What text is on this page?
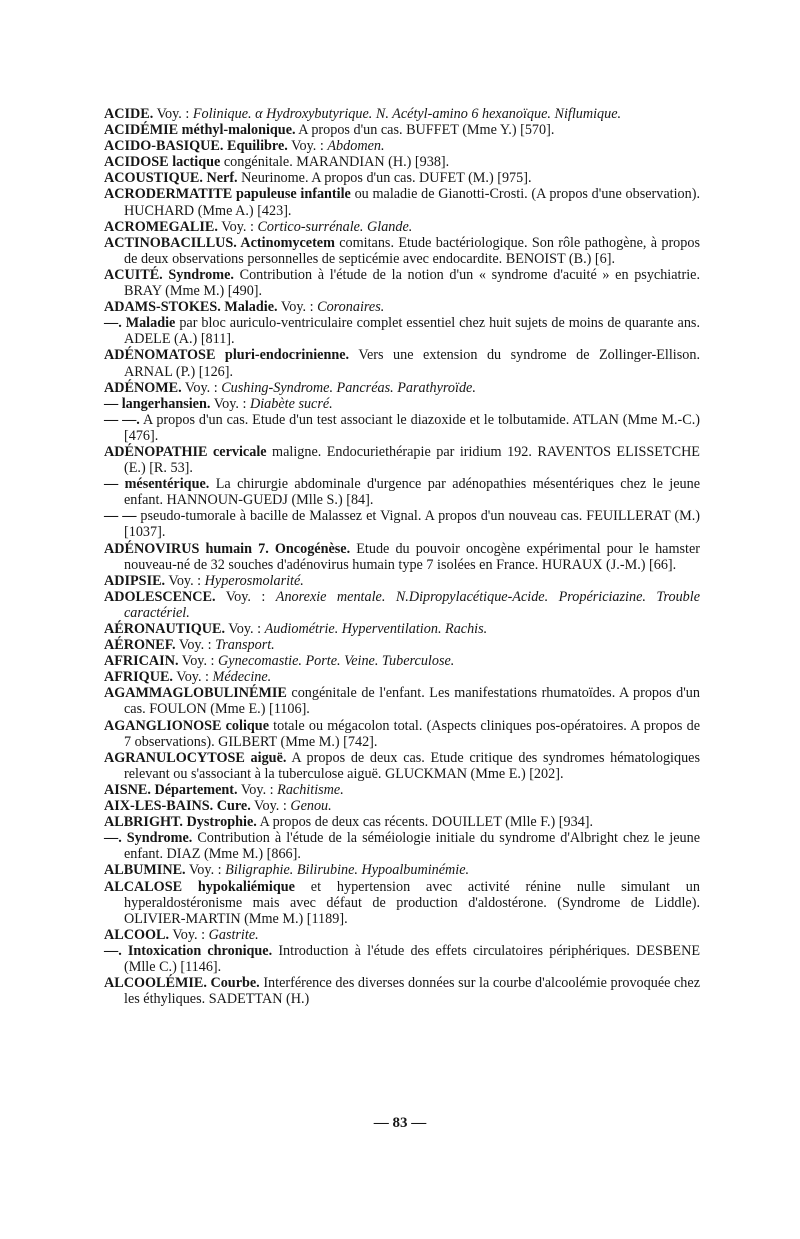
ACIDE. Voy. : Folinique. α Hydroxybutyrique. N. Acétyl-amino 6 hexanoïque. Niflumique.

ACIDÉMIE méthyl-malonique. A propos d'un cas. BUFFET (Mme Y.) [570].

ACIDO-BASIQUE. Equilibre. Voy. : Abdomen.

ACIDOSE lactique congénitale. MARANDIAN (H.) [938].

ACOUSTIQUE. Nerf. Neurinome. A propos d'un cas. DUFET (M.) [975].

ACRODERMATITE papuleuse infantile ou maladie de Gianotti-Crosti. (A propos d'une observation). HUCHARD (Mme A.) [423].

ACROMEGALIE. Voy. : Cortico-surrénale. Glande.

ACTINOBACILLUS. Actinomycetem comitans. Etude bactériologique. Son rôle pathogène, à propos de deux observations personnelles de septicémie avec endocardite. BENOIST (B.) [6].

ACUITÉ. Syndrome. Contribution à l'étude de la notion d'un « syndrome d'acuité » en psychiatrie. BRAY (Mme M.) [490].

ADAMS-STOKES. Maladie. Voy. : Coronaires.

—. Maladie par bloc auriculo-ventriculaire complet essentiel chez huit sujets de moins de quarante ans. ADELE (A.) [811].

ADÉNOMATOSE pluri-endocrinienne. Vers une extension du syndrome de Zollinger-Ellison. ARNAL (P.) [126].

ADÉNOME. Voy. : Cushing-Syndrome. Pancréas. Parathyroïde.

— langerhansien. Voy. : Diabète sucré.

— —. A propos d'un cas. Etude d'un test associant le diazoxide et le tolbutamide. ATLAN (Mme M.-C.) [476].

ADÉNOPATHIE cervicale maligne. Endocuriethérapie par iridium 192. RAVENTOS ELISSETCHE (E.) [R. 53].

— mésentérique. La chirurgie abdominale d'urgence par adénopathies mésentériques chez le jeune enfant. HANNOUN-GUEDJ (Mlle S.) [84].

— — pseudo-tumorale à bacille de Malassez et Vignal. A propos d'un nouveau cas. FEUILLERAT (M.) [1037].

ADÉNOVIRUS humain 7. Oncogénèse. Etude du pouvoir oncogène expérimental pour le hamster nouveau-né de 32 souches d'adénovirus humain type 7 isolées en France. HURAUX (J.-M.) [66].

ADIPSIE. Voy. : Hyperosmolarité.

ADOLESCENCE. Voy. : Anorexie mentale. N.Dipropylacétique-Acide. Propériciazine. Trouble caractériel.

AÉRONAUTIQUE. Voy. : Audiométrie. Hyperventilation. Rachis.

AÉRONEF. Voy. : Transport.

AFRICAIN. Voy. : Gynecomastie. Porte. Veine. Tuberculose.

AFRIQUE. Voy. : Médecine.

AGAMMAGLOBULINÉMIE congénitale de l'enfant. Les manifestations rhumatoïdes. A propos d'un cas. FOULON (Mme E.) [1106].

AGANGLIONOSE colique totale ou mégacolon total. (Aspects cliniques pos-opératoires. A propos de 7 observations). GILBERT (Mme M.) [742].

AGRANULOCYTOSE aiguë. A propos de deux cas. Etude critique des syndromes hématologiques relevant ou s'associant à la tuberculose aiguë. GLUCKMAN (Mme E.) [202].

AISNE. Département. Voy. : Rachitisme.

AIX-LES-BAINS. Cure. Voy. : Genou.

ALBRIGHT. Dystrophie. A propos de deux cas récents. DOUILLET (Mlle F.) [934].

—. Syndrome. Contribution à l'étude de la séméiologie initiale du syndrome d'Albright chez le jeune enfant. DIAZ (Mme M.) [866].

ALBUMINE. Voy. : Biligraphie. Bilirubine. Hypoalbuminémie.

ALCALOSE hypokaliémique et hypertension avec activité rénine nulle simulant un hyperaldostéronisme mais avec défaut de production d'aldostérone. (Syndrome de Liddle). OLIVIER-MARTIN (Mme M.) [1189].

ALCOOL. Voy. : Gastrite.

—. Intoxication chronique. Introduction à l'étude des effets circulatoires périphériques. DESBENE (Mlle C.) [1146].

ALCOOLÉMIE. Courbe. Interférence des diverses données sur la courbe d'alcoolémie provoquée chez les éthyliques. SADETTAN (H.)

— 83 —
